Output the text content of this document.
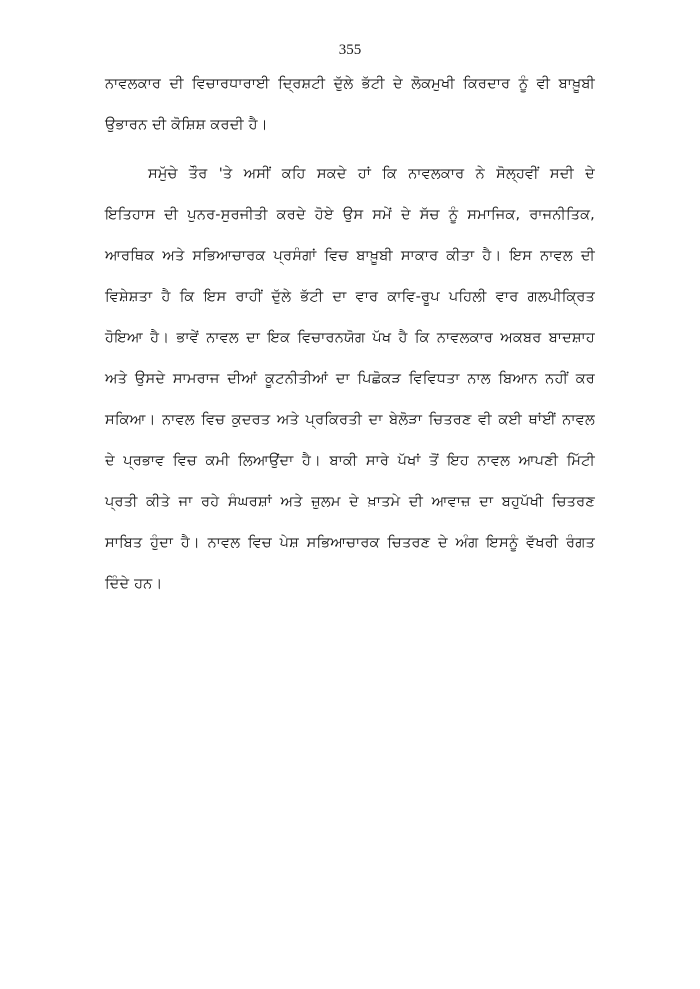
355
ਨਾਵਲਕਾਰ ਦੀ ਵਿਚਾਰਧਾਰਾਈ ਦ੍ਰਿਸ਼ਟੀ ਦੁੱਲੇ ਭੱਟੀ ਦੇ ਲੋਕਮੁਖੀ ਕਿਰਦਾਰ ਨੂੰ ਵੀ ਬਾਖ਼ੂਬੀ
ਉਭਾਰਨ ਦੀ ਕੋਸ਼ਿਸ਼ ਕਰਦੀ ਹੈ।
ਸਮੁੱਚੇ ਤੌਰ 'ਤੇ ਅਸੀਂ ਕਹਿ ਸਕਦੇ ਹਾਂ ਕਿ ਨਾਵਲਕਾਰ ਨੇ ਸੋਲ੍ਹਵੀਂ ਸਦੀ ਦੇ
ਇਤਿਹਾਸ ਦੀ ਪੁਨਰ-ਸੁਰਜੀਤੀ ਕਰਦੇ ਹੋਏ ਉਸ ਸਮੇਂ ਦੇ ਸੱਚ ਨੂੰ ਸਮਾਜਿਕ, ਰਾਜਨੀਤਿਕ,
ਆਰਥਿਕ ਅਤੇ ਸਭਿਆਚਾਰਕ ਪ੍ਰਸੰਗਾਂ ਵਿਚ ਬਾਖ਼ੂਬੀ ਸਾਕਾਰ ਕੀਤਾ ਹੈ। ਇਸ ਨਾਵਲ ਦੀ
ਵਿਸ਼ੇਸ਼ਤਾ ਹੈ ਕਿ ਇਸ ਰਾਹੀਂ ਦੁੱਲੇ ਭੱਟੀ ਦਾ ਵਾਰ ਕਾਵਿ-ਰੂਪ ਪਹਿਲੀ ਵਾਰ ਗਲਪੀਕ੍ਰਿਤ
ਹੋਇਆ ਹੈ। ਭਾਵੇਂ ਨਾਵਲ ਦਾ ਇਕ ਵਿਚਾਰਨਯੋਗ ਪੱਖ ਹੈ ਕਿ ਨਾਵਲਕਾਰ ਅਕਬਰ ਬਾਦਸ਼ਾਹ
ਅਤੇ ਉਸਦੇ ਸਾਮਰਾਜ ਦੀਆਂ ਕੂਟਨੀਤੀਆਂ ਦਾ ਪਿਛੋਕੜ ਵਿਵਿਧਤਾ ਨਾਲ ਬਿਆਨ ਨਹੀਂ ਕਰ
ਸਕਿਆ। ਨਾਵਲ ਵਿਚ ਕੁਦਰਤ ਅਤੇ ਪ੍ਰਕਿਰਤੀ ਦਾ ਬੇਲੋੜਾ ਚਿਤਰਣ ਵੀ ਕਈ ਥਾਂਈਂ ਨਾਵਲ
ਦੇ ਪ੍ਰਭਾਵ ਵਿਚ ਕਮੀ ਲਿਆਉਂਦਾ ਹੈ। ਬਾਕੀ ਸਾਰੇ ਪੱਖਾਂ ਤੋਂ ਇਹ ਨਾਵਲ ਆਪਣੀ ਮਿੱਟੀ
ਪ੍ਰਤੀ ਕੀਤੇ ਜਾ ਰਹੇ ਸੰਘਰਸ਼ਾਂ ਅਤੇ ਜ਼ੁਲਮ ਦੇ ਖ਼ਾਤਮੇ ਦੀ ਆਵਾਜ਼ ਦਾ ਬਹੁਪੱਖੀ ਚਿਤਰਣ
ਸਾਬਿਤ ਹੁੰਦਾ ਹੈ। ਨਾਵਲ ਵਿਚ ਪੇਸ਼ ਸਭਿਆਚਾਰਕ ਚਿਤਰਣ ਦੇ ਅੰਗ ਇਸਨੂੰ ਵੱਖਰੀ ਰੰਗਤ
ਦਿੰਦੇ ਹਨ।
